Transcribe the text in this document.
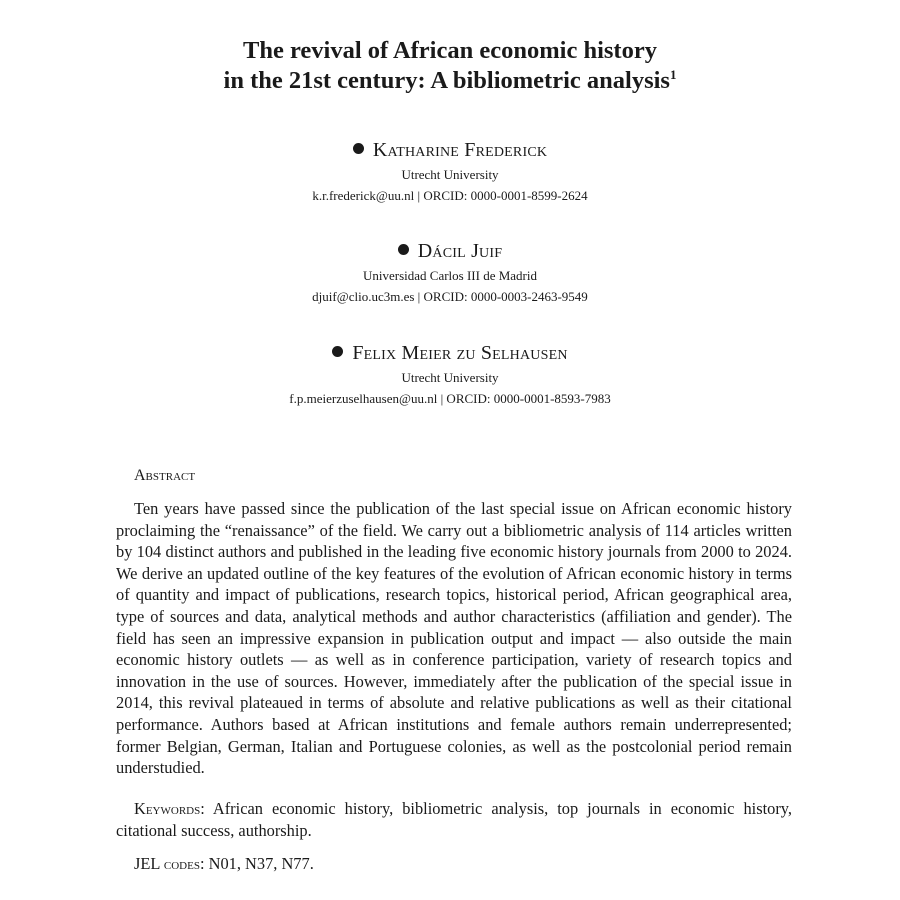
The revival of African economic history
in the 21st century: A bibliometric analysis$^1$
Katharine Frederick
Utrecht University
k.r.frederick@uu.nl | ORCID: 0000-0001-8599-2624
Dácil Juif
Universidad Carlos III de Madrid
djuif@clio.uc3m.es | ORCID: 0000-0003-2463-9549
Felix Meier zu Selhausen
Utrecht University
f.p.meierzuselhausen@uu.nl | ORCID: 0000-0001-8593-7983
Abstract

Ten years have passed since the publication of the last special issue on African economic history proclaiming the “renaissance” of the field. We carry out a bibliometric analysis of 114 articles written by 104 distinct authors and published in the leading five economic history journals from 2000 to 2024. We derive an updated outline of the key features of the evolution of African economic history in terms of quantity and impact of publications, research topics, historical period, African geographical area, type of sources and data, analytical methods and author characteristics (affiliation and gender). The field has seen an impressive expansion in publication output and impact — also outside the main economic history outlets — as well as in conference participation, variety of research topics and innovation in the use of sources. However, immediately after the publication of the special issue in 2014, this revival plateaued in terms of absolute and relative publications as well as their citational performance. Authors based at African institutions and female authors remain underrepresented; former Belgian, German, Italian and Portuguese colonies, as well as the postcolonial period remain understudied.

Keywords: African economic history, bibliometric analysis, top journals in economic history, citational success, authorship.

JEL codes: N01, N37, N77.
